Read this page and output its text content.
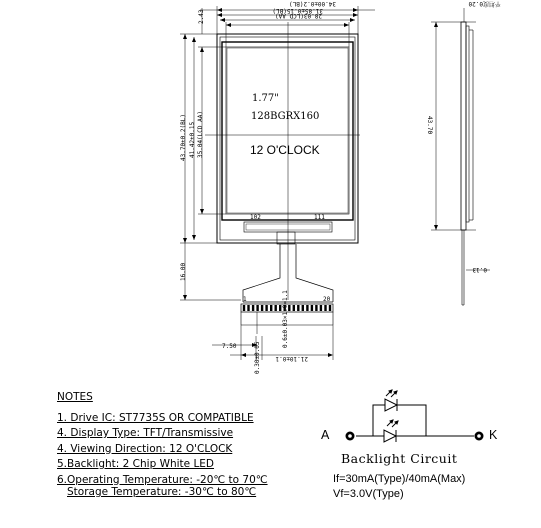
平坦度0.20
34.00±0.2(BL)
31.85±0.15(BL)
28.03(LCD AA)
2.43
43.70±0.2(BL) 41.42±0.15 35.04(LCD AA)
16.00
7.50	0.6±0.03×1.9=1.1
0.30±0.05 21.10±0.1
43.70
0.13
1.77"
128BGRX160
12 O'CLOCK
102	111
1	20
NOTES
1. Drive IC: ST7735S OR COMPATIBLE
4. Display Type: TFT/Transmissive
4. Viewing Direction: 12 O'CLOCK
5.Backlight: 2 Chip White LED
6.Operating Temperature: -20℃ to 70℃
Storage Temperature: -30℃ to 80℃
A	K
Backlight Circuit
If=30mA(Type)/40mA(Max)
Vf=3.0V(Type)
